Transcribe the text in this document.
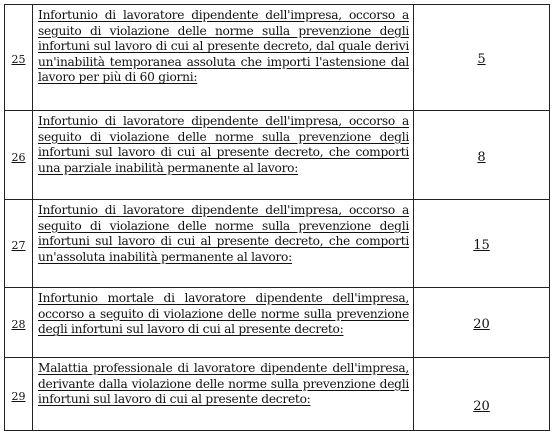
25	Infortunio di lavoratore dipendente dell'impresa, occorso a seguito di violazione delle norme sulla prevenzione degli infortuni sul lavoro di cui al presente decreto, dal quale derivi un'inabilità temporanea assoluta che importi l'astensione dal lavoro per più di 60 giorni:	5
26	Infortunio di lavoratore dipendente dell'impresa, occorso a seguito di violazione delle norme sulla prevenzione degli infortuni sul lavoro di cui al presente decreto, che comporti una parziale inabilità permanente al lavoro:	8
27	Infortunio di lavoratore dipendente dell'impresa, occorso a seguito di violazione delle norme sulla prevenzione degli infortuni sul lavoro di cui al presente decreto, che comporti un'assoluta inabilità permanente al lavoro:	15
28	Infortunio mortale di lavoratore dipendente dell'impresa, occorso a seguito di violazione delle norme sulla prevenzione degli infortuni sul lavoro di cui al presente decreto:	20
29	Malattia professionale di lavoratore dipendente dell'impresa, derivante dalla violazione delle norme sulla prevenzione degli infortuni sul lavoro di cui al presente decreto:	20
